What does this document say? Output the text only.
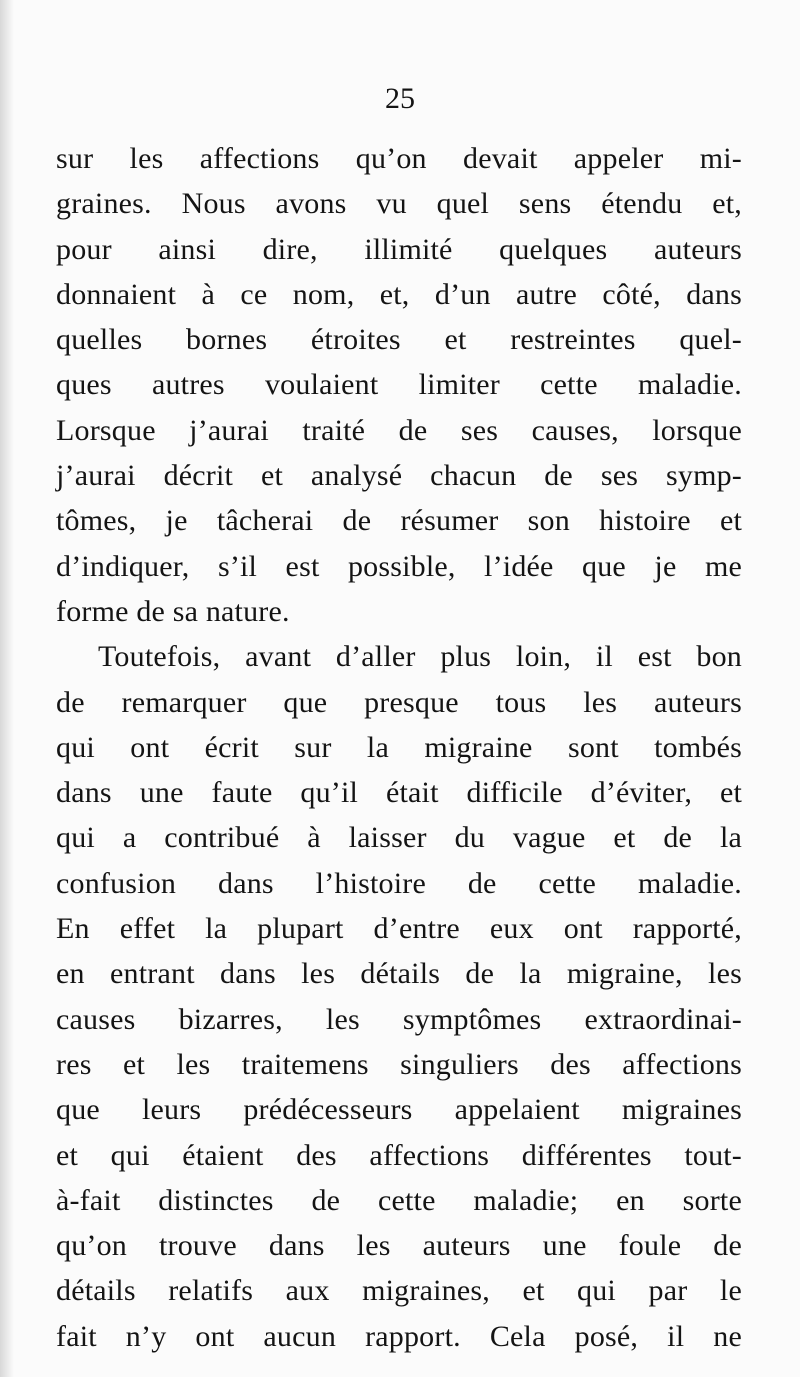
25
sur les affections qu’on devait appeler mi-
graines. Nous avons vu quel sens étendu et,
pour ainsi dire, illimité quelques auteurs
donnaient à ce nom, et, d’un autre côté, dans
quelles bornes étroites et restreintes quel-
ques autres voulaient limiter cette maladie.
Lorsque j’aurai traité de ses causes, lorsque
j’aurai décrit et analysé chacun de ses symp-
tômes, je tâcherai de résumer son histoire et
d’indiquer, s’il est possible, l’idée que je me
forme de sa nature.
Toutefois, avant d’aller plus loin, il est bon
de remarquer que presque tous les auteurs
qui ont écrit sur la migraine sont tombés
dans une faute qu’il était difficile d’éviter, et
qui a contribué à laisser du vague et de la
confusion dans l’histoire de cette maladie.
En effet la plupart d’entre eux ont rapporté,
en entrant dans les détails de la migraine, les
causes bizarres, les symptômes extraordinai-
res et les traitemens singuliers des affections
que leurs prédécesseurs appelaient migraines
et qui étaient des affections différentes tout-
à-fait distinctes de cette maladie; en sorte
qu’on trouve dans les auteurs une foule de
détails relatifs aux migraines, et qui par le
fait n’y ont aucun rapport. Cela posé, il ne
